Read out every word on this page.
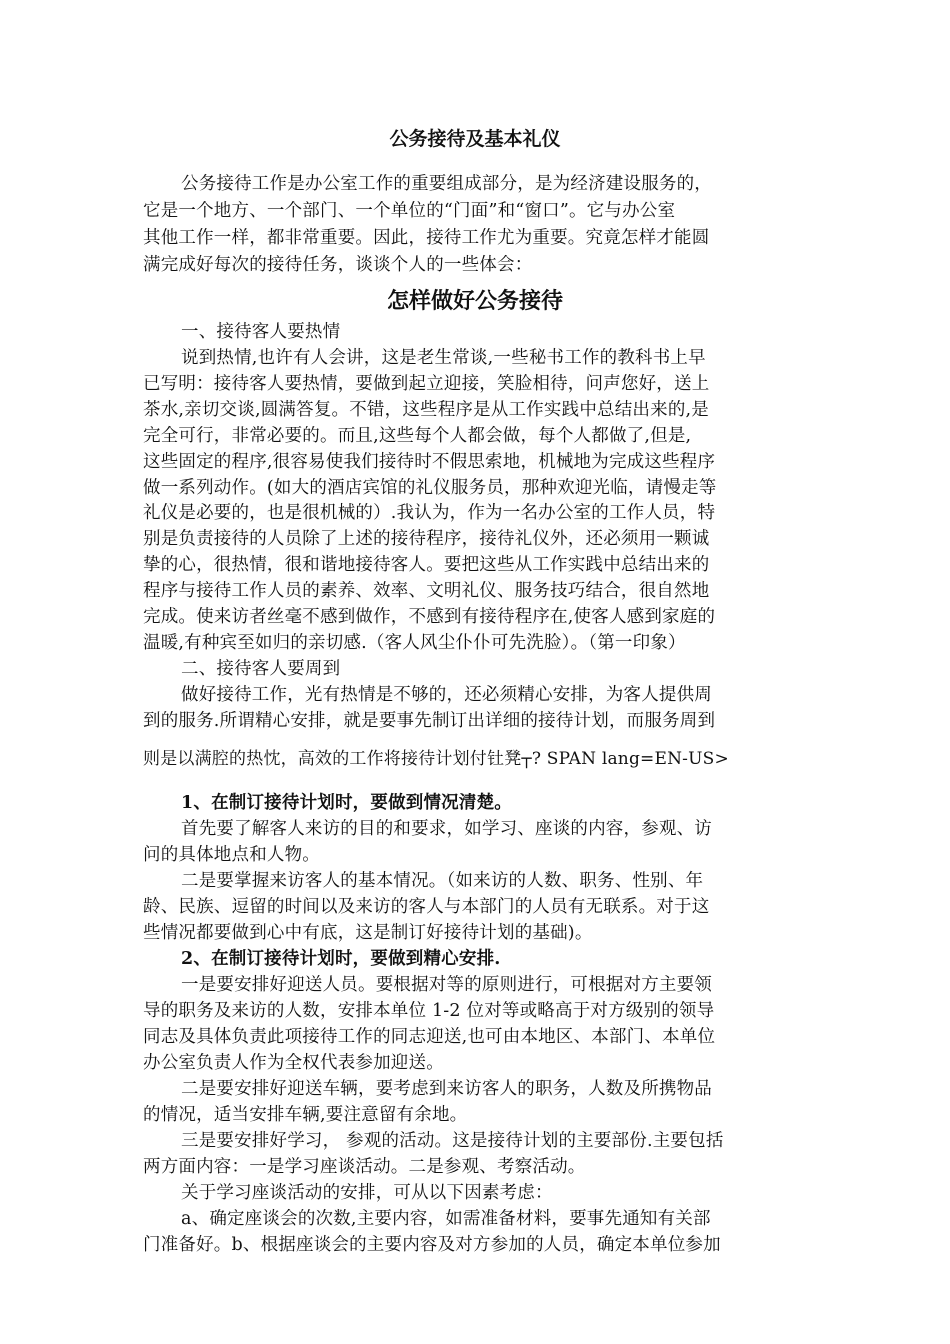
公务接待及基本礼仪
公务接待工作是办公室工作的重要组成部分，是为经济建设服务的，
它是一个地方、一个部门、一个单位的“门面”和“窗口”。它与办公室
其他工作一样，都非常重要。因此，接待工作尤为重要。究竟怎样才能圆
满完成好每次的接待任务，谈谈个人的一些体会：
怎样做好公务接待
一、接待客人要热情
说到热情,也许有人会讲，这是老生常谈,一些秘书工作的教科书上早
已写明：接待客人要热情，要做到起立迎接，笑脸相待，问声您好，送上
茶水,亲切交谈,圆满答复。不错，这些程序是从工作实践中总结出来的,是
完全可行，非常必要的。而且,这些每个人都会做，每个人都做了,但是,
这些固定的程序,很容易使我们接待时不假思索地，机械地为完成这些程序
做一系列动作。(如大的酒店宾馆的礼仪服务员，那种欢迎光临，请慢走等
礼仪是必要的，也是很机械的）.我认为，作为一名办公室的工作人员，特
别是负责接待的人员除了上述的接待程序，接待礼仪外，还必须用一颗诚
挚的心，很热情，很和谐地接待客人。要把这些从工作实践中总结出来的
程序与接待工作人员的素养、效率、文明礼仪、服务技巧结合，很自然地
完成。使来访者丝毫不感到做作，不感到有接待程序在,使客人感到家庭的
温暖,有种宾至如归的亲切感.（客人风尘仆仆可先洗脸）。（第一印象）
二、接待客人要周到
做好接待工作，光有热情是不够的，还必须精心安排，为客人提供周
到的服务.所谓精心安排，就是要事先制订出详细的接待计划，而服务周到
则是以满腔的热忱，高效的工作将接待计划付钍凳┬? SPAN lang=EN-US>
1、在制订接待计划时，要做到情况清楚。
首先要了解客人来访的目的和要求，如学习、座谈的内容，参观、访
问的具体地点和人物。
二是要掌握来访客人的基本情况。（如来访的人数、职务、性别、年
龄、民族、逗留的时间以及来访的客人与本部门的人员有无联系。对于这
些情况都要做到心中有底，这是制订好接待计划的基础)。
2、在制订接待计划时，要做到精心安排.
一是要安排好迎送人员。要根据对等的原则进行，可根据对方主要领
导的职务及来访的人数，安排本单位 1-2 位对等或略高于对方级别的领导
同志及具体负责此项接待工作的同志迎送,也可由本地区、本部门、本单位
办公室负责人作为全权代表参加迎送。
二是要安排好迎送车辆，要考虑到来访客人的职务，人数及所携物品
的情况，适当安排车辆,要注意留有余地。
三是要安排好学习， 参观的活动。这是接待计划的主要部份.主要包括
两方面内容：一是学习座谈活动。二是参观、考察活动。
关于学习座谈活动的安排，可从以下因素考虑：
a、确定座谈会的次数,主要内容，如需准备材料，要事先通知有关部
门准备好。b、根据座谈会的主要内容及对方参加的人员，确定本单位参加
